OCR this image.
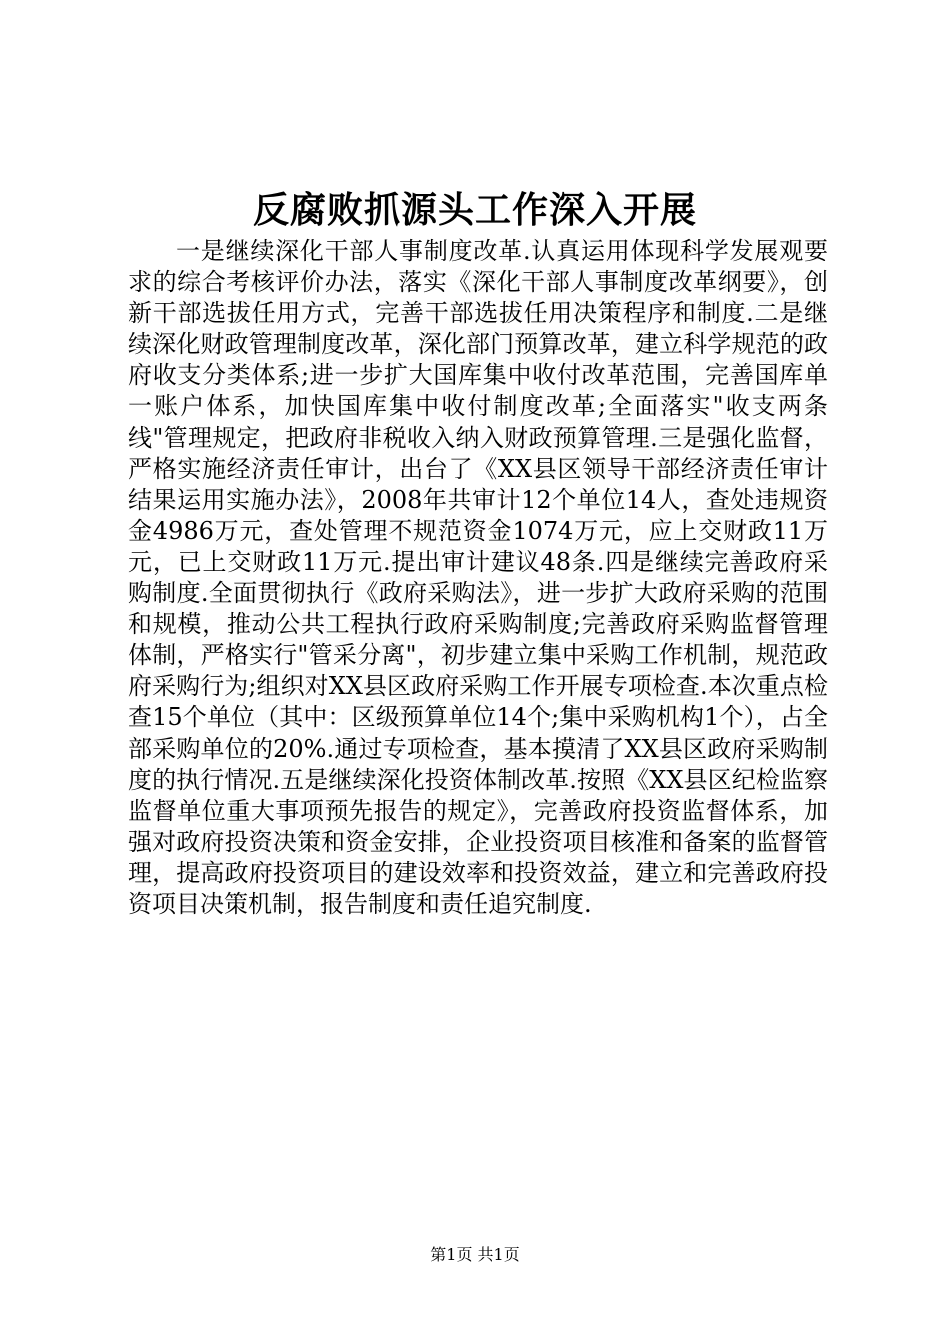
反腐败抓源头工作深入开展

一是继续深化干部人事制度改革.认真运用体现科学发展观要求的综合考核评价办法，落实《深化干部人事制度改革纲要》，创新干部选拔任用方式，完善干部选拔任用决策程序和制度.二是继续深化财政管理制度改革，深化部门预算改革，建立科学规范的政府收支分类体系;进一步扩大国库集中收付改革范围，完善国库单一账户体系，加快国库集中收付制度改革;全面落实"收支两条线"管理规定，把政府非税收入纳入财政预算管理.三是强化监督，严格实施经济责任审计，出台了《XX县区领导干部经济责任审计结果运用实施办法》，2008年共审计12个单位14人，查处违规资金4986万元，查处管理不规范资金1074万元，应上交财政11万元，已上交财政11万元.提出审计建议48条.四是继续完善政府采购制度.全面贯彻执行《政府采购法》，进一步扩大政府采购的范围和规模，推动公共工程执行政府采购制度;完善政府采购监督管理体制，严格实行"管采分离"，初步建立集中采购工作机制，规范政府采购行为;组织对XX县区政府采购工作开展专项检查.本次重点检查15个单位（其中：区级预算单位14个;集中采购机构1个），占全部采购单位的20%.通过专项检查，基本摸清了XX县区政府采购制度的执行情况.五是继续深化投资体制改革.按照《XX县区纪检监察监督单位重大事项预先报告的规定》，完善政府投资监督体系，加强对政府投资决策和资金安排，企业投资项目核准和备案的监督管理，提高政府投资项目的建设效率和投资效益，建立和完善政府投资项目决策机制，报告制度和责任追究制度.

第1页 共1页
